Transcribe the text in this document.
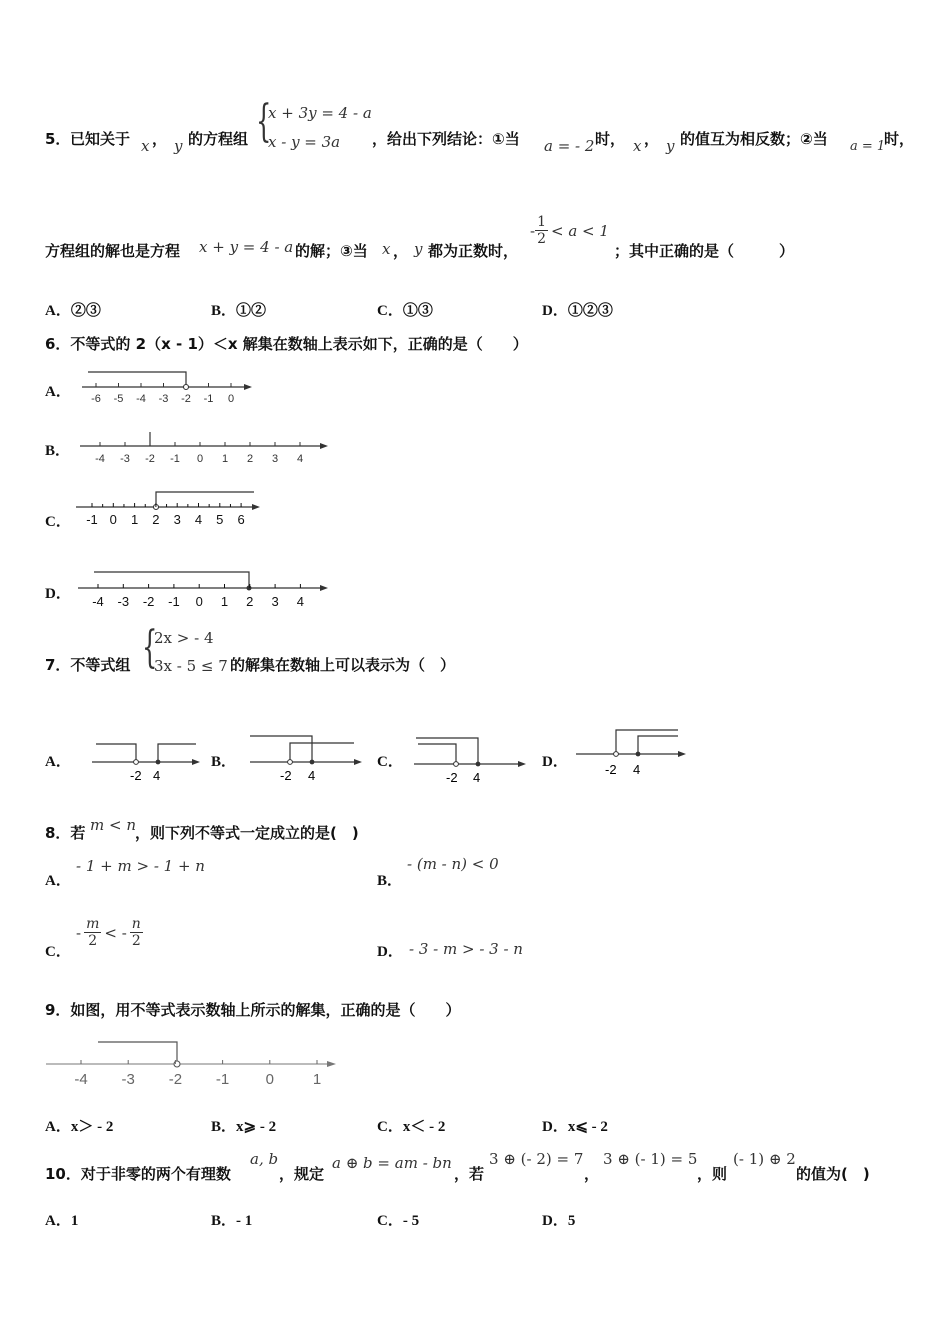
5． 已知关于 x ， y 的方程组 {
x + 3y = 4 - a
x - y = 3a ，给出下列结论：①当 a = - 2 时， x ， y 的值互为相反数；②当 a = 1
时，
方程组的解也是方程 x + y = 4 - a 的解；③当 x ， y 都为正数时，
- $\frac{1}{2} < a < 1$
；其中正确的是（　　　）
A．②③	B．①②	C．①③	D．①②③
6．不等式的 2（x - 1）＜x 解集在数轴上表示如下，正确的是（　　）
A． -6 -5 -4 -3 -2 -1 0
B． -4 -3 -2 -1 0 1 2 3 4
C． -1 0 1 2 3 4 5 6
D． -4 -3 -2 -1 0 1 2 3 4
7．不等式组 {
2x > - 4
3x - 5 ≤ 7 的解集在数轴上可以表示为（　）
A．
-2 4
B．
-2 4
C．
-2 4
D．	-2 4
8．若 m < n ，则下列不等式一定成立的是(　)
A．
- 1 + m > - 1 + n
B．
- (m - n) < 0
C．
- $\frac{m}{2}$ < - $\frac{n}{2}$
D． - 3 - m > - 3 - n
9．如图，用不等式表示数轴上所示的解集，正确的是（　　）
-4 -3 -2 -1 0	1
A．x＞ - 2	B．x⩾ - 2	C．x＜ - 2	D．x⩽ - 2
10．对于非零的两个有理数
a, b
，规定
a ⊕ b = am - bn
，若
3 ⊕ (- 2) = 7
，
3 ⊕ (- 1) = 5
，则
(- 1) ⊕ 2
的值为(　)
A．1	B．- 1	C．- 5	D．5
